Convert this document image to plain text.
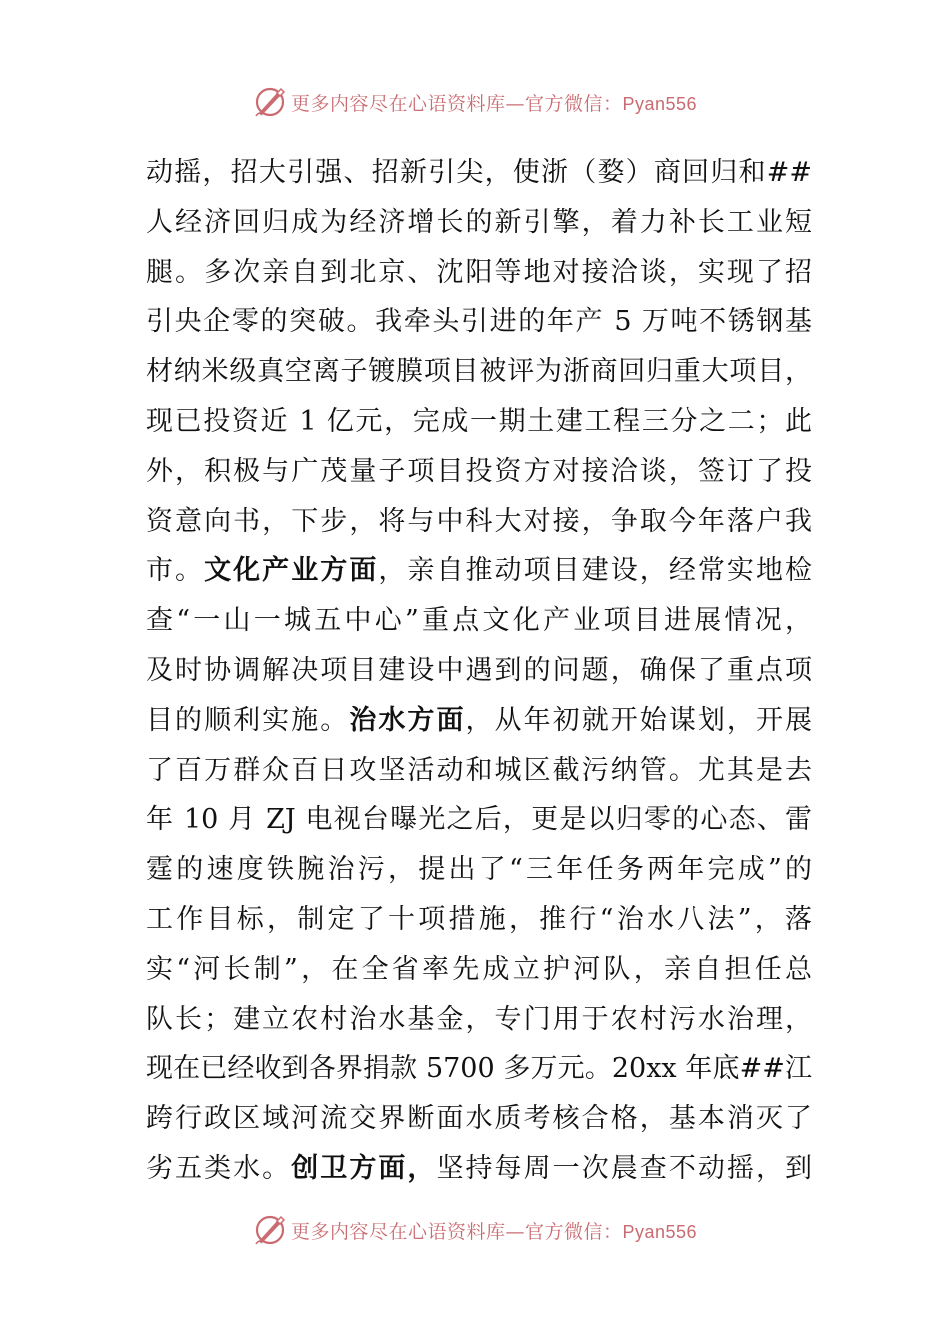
更多内容尽在心语资料库—官方微信：Pyan556
动摇，招大引强、招新引尖，使浙（婺）商回归和##
人经济回归成为经济增长的新引擎，着力补长工业短
腿。多次亲自到北京、沈阳等地对接洽谈，实现了招
引央企零的突破。我牵头引进的年产 5 万吨不锈钢基
材纳米级真空离子镀膜项目被评为浙商回归重大项目，
现已投资近 1 亿元，完成一期土建工程三分之二；此
外，积极与广茂量子项目投资方对接洽谈，签订了投
资意向书，下步，将与中科大对接，争取今年落户我
市。文化产业方面，亲自推动项目建设，经常实地检
查“一山一城五中心”重点文化产业项目进展情况，
及时协调解决项目建设中遇到的问题，确保了重点项
目的顺利实施。治水方面，从年初就开始谋划，开展
了百万群众百日攻坚活动和城区截污纳管。尤其是去
年 10 月 ZJ 电视台曝光之后，更是以归零的心态、雷
霆的速度铁腕治污，提出了“三年任务两年完成”的
工作目标，制定了十项措施，推行“治水八法”，落
实“河长制”，在全省率先成立护河队，亲自担任总
队长；建立农村治水基金，专门用于农村污水治理，
现在已经收到各界捐款 5700 多万元。20xx 年底##江
跨行政区域河流交界断面水质考核合格，基本消灭了
劣五类水。创卫方面，坚持每周一次晨查不动摇，到
更多内容尽在心语资料库—官方微信：Pyan556
